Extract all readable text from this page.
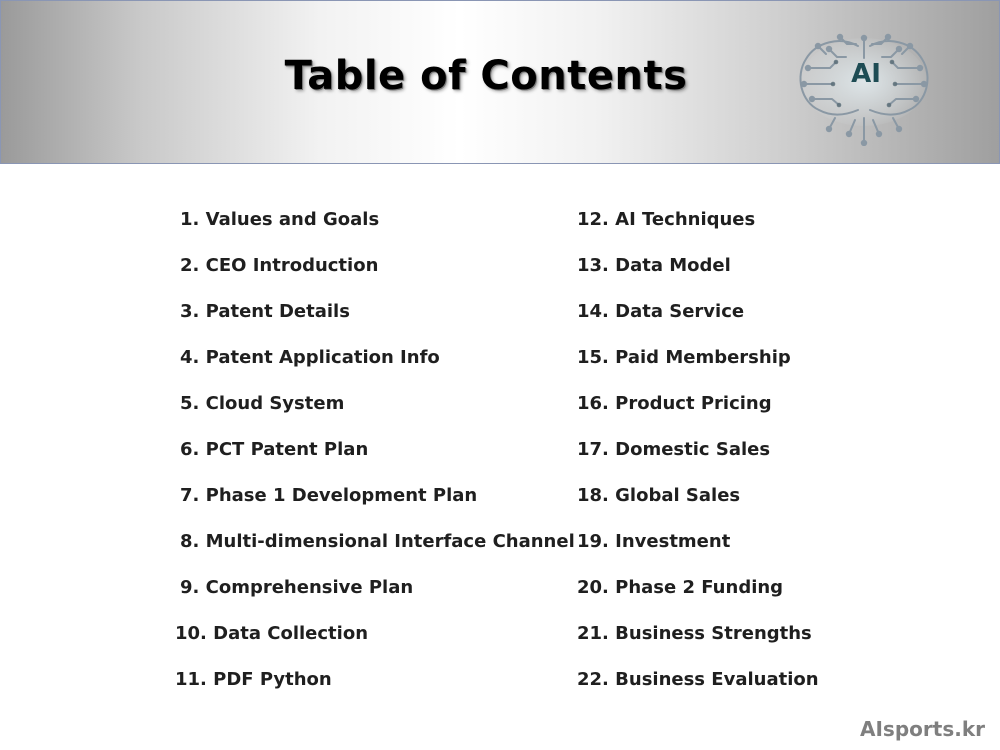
Table of Contents	AI
1. Values and Goals
2. CEO Introduction
3. Patent Details
4. Patent Application Info
5. Cloud System
6. PCT Patent Plan
7. Phase 1 Development Plan
8. Multi-dimensional Interface Channel
9. Comprehensive Plan
10. Data Collection
11. PDF Python
12. AI Techniques
13. Data Model
14. Data Service
15. Paid Membership
16. Product Pricing
17. Domestic Sales
18. Global Sales
19. Investment
20. Phase 2 Funding
21. Business Strengths
22. Business Evaluation
AIsports.kr
